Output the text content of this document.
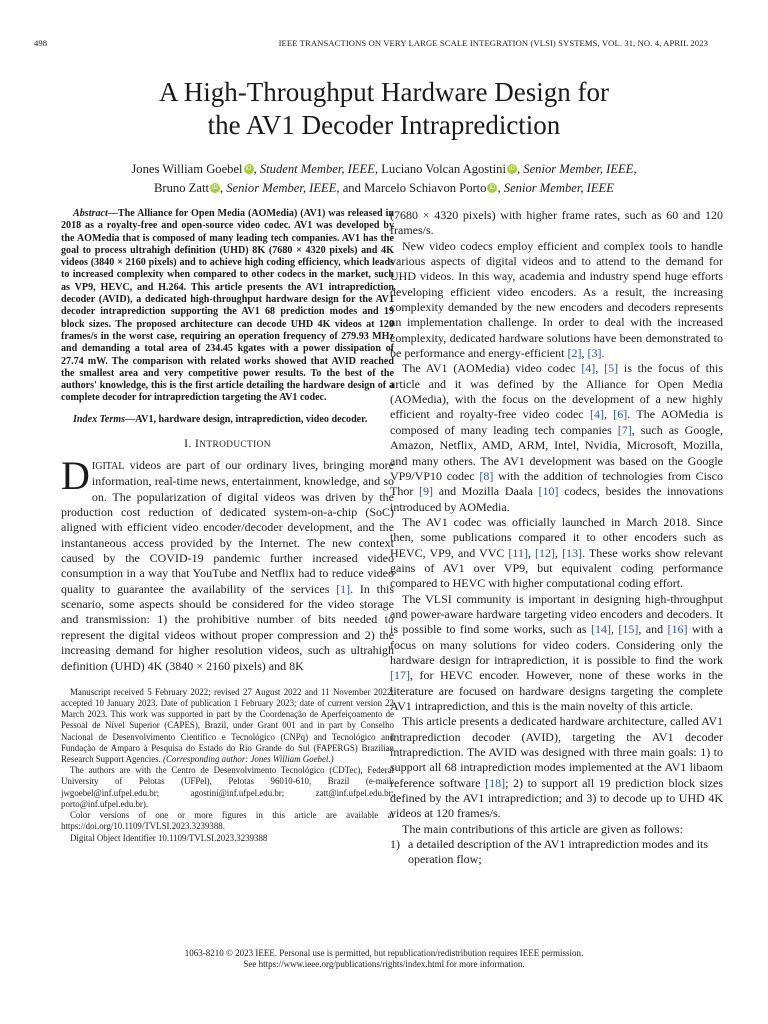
498	IEEE TRANSACTIONS ON VERY LARGE SCALE INTEGRATION (VLSI) SYSTEMS, VOL. 31, NO. 4, APRIL 2023
A High-Throughput Hardware Design for
the AV1 Decoder Intraprediction
Jones William Goebel iD , Student Member, IEEE, Luciano Volcan Agostini iD , Senior Member, IEEE,
Bruno Zatt iD , Senior Member, IEEE, and Marcelo Schiavon Porto iD , Senior Member, IEEE

Abstract—The Alliance for Open Media (AOMedia) (AV1) was released in 2018 as a royalty-free and open-source video codec. AV1 was developed by the AOMedia that is composed of many leading tech companies. AV1 has the goal to process ultrahigh definition (UHD) 8K (7680 × 4320 pixels) and 4K videos (3840 × 2160 pixels) and to achieve high coding efficiency, which leads to increased complexity when compared to other codecs in the market, such as VP9, HEVC, and H.264. This article presents the AV1 intraprediction decoder (AVID), a dedicated high-throughput hardware design for the AV1 decoder intraprediction supporting the AV1 68 prediction modes and 19 block sizes. The proposed architecture can decode UHD 4K videos at 120 frames/s in the worst case, requiring an operation frequency of 279.93 MHz and demanding a total area of 234.45 kgates with a power dissipation of 27.74 mW. The comparison with related works showed that AVID reached the smallest area and very competitive power results. To the best of the authors' knowledge, this is the first article detailing the hardware design of a complete decoder for intraprediction targeting the AV1 codec.

Index Terms—AV1, hardware design, intraprediction, video decoder.

I. INTRODUCTION

DIGITAL videos are part of our ordinary lives, bringing more information, real-time news, entertainment, knowledge, and so on. The popularization of digital videos was driven by the production cost reduction of dedicated system-on-a-chip (SoC) aligned with efficient video encoder/decoder development, and the instantaneous access provided by the Internet. The new context caused by the COVID-19 pandemic further increased video consumption in a way that YouTube and Netflix had to reduce video quality to guarantee the availability of the services [1]. In this scenario, some aspects should be considered for the video storage and transmission: 1) the prohibitive number of bits needed to represent the digital videos without proper compression and 2) the increasing demand for higher resolution videos, such as ultrahigh definition (UHD) 4K (3840 × 2160 pixels) and 8K

Manuscript received 5 February 2022; revised 27 August 2022 and 11 November 2022; accepted 10 January 2023. Date of publication 1 February 2023; date of current version 22 March 2023. This work was supported in part by the Coordenação de Aperfeiçoamento de Pessoal de Nível Superior (CAPES), Brazil, under Grant 001 and in part by Conselho Nacional de Desenvolvimento Científico e Tecnológico (CNPq) and Tecnológico and Fundação de Amparo à Pesquisa do Estado do Rio Grande do Sul (FAPERGS) Brazilian Research Support Agencies. (Corresponding author: Jones William Goebel.)

The authors are with the Centro de Desenvolvimento Tecnológico (CDTec), Federal University of Pelotas (UFPel), Pelotas 96010-610, Brazil (e-mail: jwgoebel@inf.ufpel.edu.br; agostini@inf.ufpel.edu.br; zatt@inf.ufpel.edu.br; porto@inf.ufpel.edu.br).

Color versions of one or more figures in this article are available at https://doi.org/10.1109/TVLSI.2023.3239388.

Digital Object Identifier 10.1109/TVLSI.2023.3239388

(7680 × 4320 pixels) with higher frame rates, such as 60 and 120 frames/s.

New video codecs employ efficient and complex tools to handle various aspects of digital videos and to attend to the demand for UHD videos. In this way, academia and industry spend huge efforts developing efficient video encoders. As a result, the increasing complexity demanded by the new encoders and decoders represents an implementation challenge. In order to deal with the increased complexity, dedicated hardware solutions have been demonstrated to be performance and energy-efficient [2], [3].

The AV1 (AOMedia) video codec [4], [5] is the focus of this article and it was defined by the Alliance for Open Media (AOMedia), with the focus on the development of a new highly efficient and royalty-free video codec [4], [6]. The AOMedia is composed of many leading tech companies [7], such as Google, Amazon, Netflix, AMD, ARM, Intel, Nvidia, Microsoft, Mozilla, and many others. The AV1 development was based on the Google VP9/VP10 codec [8] with the addition of technologies from Cisco Thor [9] and Mozilla Daala [10] codecs, besides the innovations introduced by AOMedia.

The AV1 codec was officially launched in March 2018. Since then, some publications compared it to other encoders such as HEVC, VP9, and VVC [11], [12], [13]. These works show relevant gains of AV1 over VP9, but equivalent coding performance compared to HEVC with higher computational coding effort.

The VLSI community is important in designing high-throughput and power-aware hardware targeting video encoders and decoders. It is possible to find some works, such as [14], [15], and [16] with a focus on many solutions for video coders. Considering only the hardware design for intraprediction, it is possible to find the work [17], for HEVC encoder. However, none of these works in the literature are focused on hardware designs targeting the complete AV1 intraprediction, and this is the main novelty of this article.

This article presents a dedicated hardware architecture, called AV1 intraprediction decoder (AVID), targeting the AV1 decoder intraprediction. The AVID was designed with three main goals: 1) to support all 68 intraprediction modes implemented at the AV1 libaom reference software [18]; 2) to support all 19 prediction block sizes defined by the AV1 intraprediction; and 3) to decode up to UHD 4K videos at 120 frames/s.

The main contributions of this article are given as follows:

1) a detailed description of the AV1 intraprediction modes and its operation flow;
1063-8210 © 2023 IEEE. Personal use is permitted, but republication/redistribution requires IEEE permission.
See https://www.ieee.org/publications/rights/index.html for more information.
